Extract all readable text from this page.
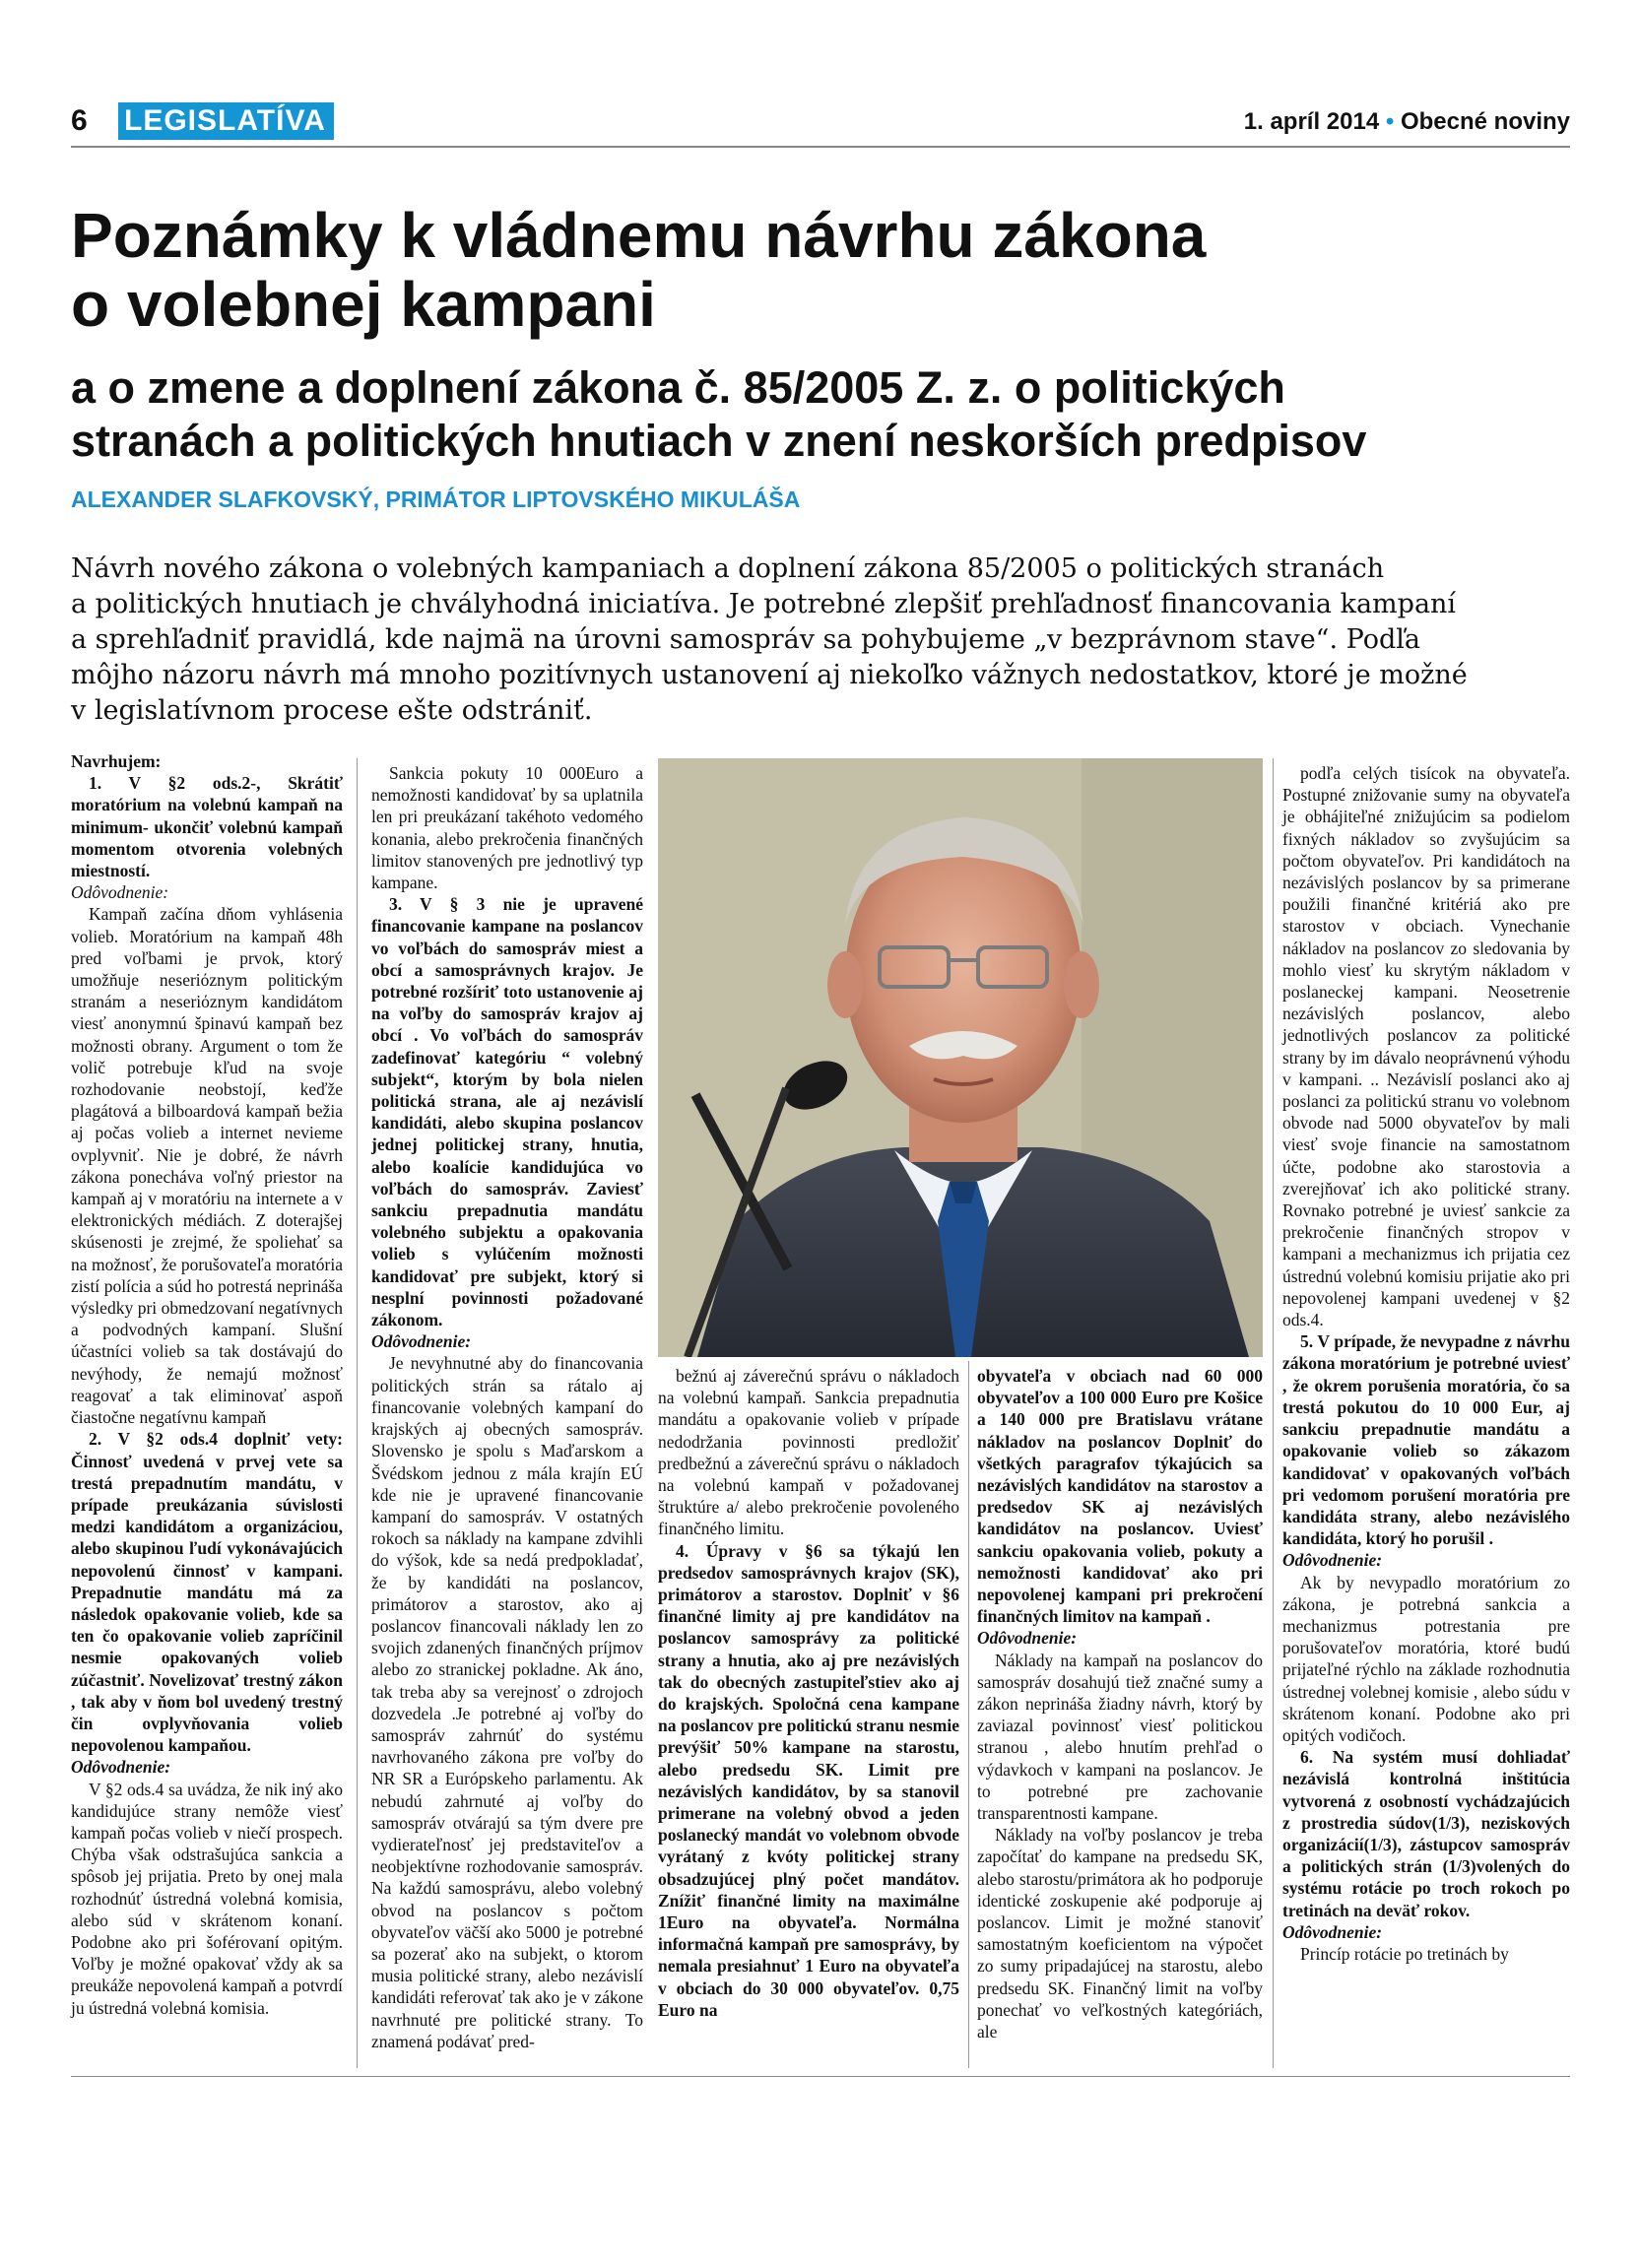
6 LEGISLATÍVA	1. apríl 2014 • Obecné noviny
Poznámky k vládnemu návrhu zákona
o volebnej kampani
a o zmene a doplnení zákona č. 85/2005 Z. z. o politických
stranách a politických hnutiach v znení neskorších predpisov
ALEXANDER SLAFKOVSKÝ, PRIMÁTOR LIPTOVSKÉHO MIKULÁŠA

Návrh nového zákona o volebných kampaniach a doplnení zákona 85/2005 o politických stranách

a politických hnutiach je chvályhodná iniciatíva. Je potrebné zlepšiť prehľadnosť financovania kampaní

a sprehľadniť pravidlá, kde najmä na úrovni samospráv sa pohybujeme „v bezprávnom stave“. Podľa

môjho názoru návrh má mnoho pozitívnych ustanovení aj niekoľko vážnych nedostatkov, ktoré je možné

v legislatívnom procese ešte odstrániť.

Navrhujem:

1. V §2 ods.2-, Skrátiť moratórium na volebnú kampaň na minimum- ukončiť volebnú kampaň momentom otvorenia volebných miestností.

Odôvodnenie:

Kampaň začína dňom vyhlásenia volieb. Moratórium na kampaň 48h pred voľbami je prvok, ktorý umožňuje neseriόznym politickým stranám a neseriόznym kandidátom viesť anonymnú špinavú kampaň bez možnosti obrany. Argument o tom že volič potrebuje kľud na svoje rozhodovanie neobstojí, keďže plagátová a bilboardová kampaň bežia aj počas volieb a internet nevieme ovplyvniť. Nie je dobré, že návrh zákona ponecháva voľný priestor na kampaň aj v moratóriu na internete a v elektronických médiách. Z doterajšej skúsenosti je zrejmé, že spoliehať sa na možnosť, že porušovateľa moratória zistí polícia a súd ho potrestá neprináša výsledky pri obmedzovaní negatívnych a podvodných kampaní. Slušní účastníci volieb sa tak dostávajú do nevýhody, že nemajú možnosť reagovať a tak eliminovať aspoň čiastočne negatívnu kampaň

2. V §2 ods.4 doplniť vety: Činnosť uvedená v prvej vete sa trestá prepadnutím mandátu, v prípade preukázania súvislosti medzi kandidátom a organizáciou, alebo skupinou ľudí vykonávajúcich nepovolenú činnosť v kampani. Prepadnutie mandátu má za následok opakovanie volieb, kde sa ten čo opakovanie volieb zapríčinil nesmie opakovaných volieb zúčastniť. Novelizovať trestný zákon , tak aby v ňom bol uvedený trestný čin ovplyvňovania volieb nepovolenou kampaňou.

Odôvodnenie:

V §2 ods.4 sa uvádza, že nik iný ako kandidujúce strany nemôže viesť kampaň počas volieb v niečí prospech. Chýba však odstrašujúca sankcia a spôsob jej prijatia. Preto by onej mala rozhodnúť ústredná volebná komisia, alebo súd v skrátenom konaní. Podobne ako pri šoférovaní opitým. Voľby je možné opakovať vždy ak sa preukáže nepovolená kampaň a potvrdí ju ústredná volebná komisia.

Sankcia pokuty 10 000Euro a nemožnosti kandidovať by sa uplatnila len pri preukázaní takéhoto vedomého konania, alebo prekročenia finančných limitov stanovených pre jednotlivý typ kampane.

3. V § 3 nie je upravené financovanie kampane na poslancov vo voľbách do samospráv miest a obcí a samosprávnych krajov. Je potrebné rozšíriť toto ustanovenie aj na voľby do samospráv krajov aj obcí . Vo voľbách do samospráv zadefinovať kategóriu “ volebný subjekt“, ktorým by bola nielen politická strana, ale aj nezávislí kandidáti, alebo skupina poslancov jednej politickej strany, hnutia, alebo koalície kandidujúca vo voľbách do samospráv. Zaviesť sankciu prepadnutia mandátu volebného subjektu a opakovania volieb s vylúčením možnosti kandidovať pre subjekt, ktorý si nesplní povinnosti požadované zákonom.

Odôvodnenie:

Je nevyhnutné aby do financovania politických strán sa rátalo aj financovanie volebných kampaní do krajských aj obecných samospráv. Slovensko je spolu s Maďarskom a Švédskom jednou z mála krajín EÚ kde nie je upravené financovanie kampaní do samospráv. V ostatných rokoch sa náklady na kampane zdvihli do výšok, kde sa nedá predpokladať, že by kandidáti na poslancov, primátorov a starostov, ako aj poslancov financovali náklady len zo svojich zdanených finančných príjmov alebo zo stranickej pokladne. Ak áno, tak treba aby sa verejnosť o zdrojoch dozvedela .Je potrebné aj voľby do samospráv zahrnúť do systému navrhovaného zákona pre voľby do NR SR a Európskeho parlamentu. Ak nebudú zahrnuté aj voľby do samospráv otvárajú sa tým dvere pre vydierateľnosť jej predstaviteľov a neobjektívne rozhodovanie samospráv. Na každú samosprávu, alebo volebný obvod na poslancov s počtom obyvateľov väčší ako 5000 je potrebné sa pozerať ako na subjekt, o ktorom musia politické strany, alebo nezávislí kandidáti referovať tak ako je v zákone navrhnuté pre politické strany. To znamená podávať pred-

bežnú aj záverečnú správu o nákladoch na volebnú kampaň. Sankcia prepadnutia mandátu a opakovanie volieb v prípade nedodržania povinnosti predložiť predbežnú a záverečnú správu o nákladoch na volebnú kampaň v požadovanej štruktúre a/ alebo prekročenie povoleného finančného limitu.

4. Úpravy v §6 sa týkajú len predsedov samosprávnych krajov (SK), primátorov a starostov. Doplniť v §6 finančné limity aj pre kandidátov na poslancov samosprávy za politické strany a hnutia, ako aj pre nezávislých tak do obecných zastupiteľstiev ako aj do krajských. Spoločná cena kampane na poslancov pre politickú stranu nesmie prevýšiť 50% kampane na starostu, alebo predsedu SK. Limit pre nezávislých kandidátov, by sa stanovil primerane na volebný obvod a jeden poslanecký mandát vo volebnom obvode vyrátaný z kvóty politickej strany obsadzujúcej plný počet mandátov. Znížiť finančné limity na maximálne 1Euro na obyvateľa. Normálna informačná kampaň pre samosprávy, by nemala presiahnuť 1 Euro na obyvateľa v obciach do 30 000 obyvateľov. 0,75 Euro na

obyvateľa v obciach nad 60 000 obyvateľov a 100 000 Euro pre Košice a 140 000 pre Bratislavu vrátane nákladov na poslancov Doplniť do všetkých paragrafov týkajúcich sa nezávislých kandidátov na starostov a predsedov SK aj nezávislých kandidátov na poslancov. Uviesť sankciu opakovania volieb, pokuty a nemožnosti kandidovať ako pri nepovolenej kampani pri prekročení finančných limitov na kampaň .

Odôvodnenie:

Náklady na kampaň na poslancov do samospráv dosahujú tiež značné sumy a zákon neprináša žiadny návrh, ktorý by zaviazal povinnosť viesť politickou stranou , alebo hnutím prehľad o výdavkoch v kampani na poslancov. Je to potrebné pre zachovanie transparentnosti kampane.

Náklady na voľby poslancov je treba započítať do kampane na predsedu SK, alebo starostu/primátora ak ho podporuje identické zoskupenie aké podporuje aj poslancov. Limit je možné stanoviť samostatným koeficientom na výpočet zo sumy pripadajúcej na starostu, alebo predsedu SK. Finančný limit na voľby ponechať vo veľkostných kategóriách, ale

podľa celých tisícok na obyvateľa. Postupné znižovanie sumy na obyvateľa je obhájiteľné znižujúcim sa podielom fixných nákladov so zvyšujúcim sa počtom obyvateľov. Pri kandidátoch na nezávislých poslancov by sa primerane použili finančné kritériá ako pre starostov v obciach. Vynechanie nákladov na poslancov zo sledovania by mohlo viesť ku skrytým nákladom v poslaneckej kampani. Neosetrenie nezávislých poslancov, alebo jednotlivých poslancov za politické strany by im dávalo neoprávnenú výhodu v kampani. .. Nezávislí poslanci ako aj poslanci za politickú stranu vo volebnom obvode nad 5000 obyvateľov by mali viesť svoje financie na samostatnom účte, podobne ako starostovia a zverejňovať ich ako politické strany. Rovnako potrebné je uviesť sankcie za prekročenie finančných stropov v kampani a mechanizmus ich prijatia cez ústrednú volebnú komisiu prijatie ako pri nepovolenej kampani uvedenej v §2 ods.4.

5. V prípade, že nevypadne z návrhu zákona moratórium je potrebné uviesť , že okrem porušenia moratória, čo sa trestá pokutou do 10 000 Eur, aj sankciu prepadnutie mandátu a opakovanie volieb so zákazom kandidovať v opakovaných voľbách pri vedomom porušení moratória pre kandidáta strany, alebo nezávislého kandidáta, ktorý ho porušil .

Odôvodnenie:

Ak by nevypadlo moratórium zo zákona, je potrebná sankcia a mechanizmus potrestania pre porušovateľov moratória, ktoré budú prijateľné rýchlo na základe rozhodnutia ústrednej volebnej komisie , alebo súdu v skrátenom konaní. Podobne ako pri opitých vodičoch.

6. Na systém musí dohliadať nezávislá kontrolná inštitúcia vytvorená z osobností vychádzajúcich z prostredia súdov(1/3), neziskových organizácií(1/3), zástupcov samospráv a politických strán (1/3)volených do systému rotácie po troch rokoch po tretinách na deväť rokov.

Odôvodnenie:

Princíp rotácie po tretinách by
